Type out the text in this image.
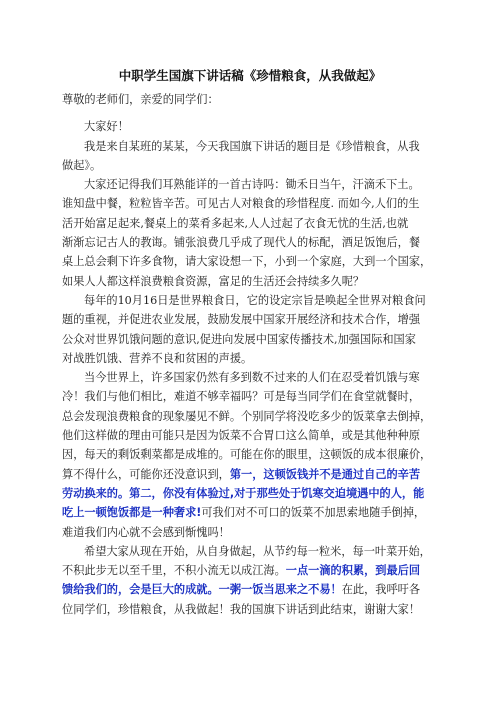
中职学生国旗下讲话稿《珍惜粮食，从我做起》
尊敬的老师们，亲爱的同学们：
大家好！
我是来自某班的某某，今天我国旗下讲话的题目是《珍惜粮食，从我
做起》。
大家还记得我们耳熟能详的一首古诗吗：锄禾日当午，汗滴禾下土。
谁知盘中餐，粒粒皆辛苦。可见古人对粮食的珍惜程度. 而如今,人们的生
活开始富足起来,餐桌上的菜肴多起来,人人过起了衣食无忧的生活,也就
渐渐忘记古人的教诲。铺张浪费几乎成了现代人的标配，酒足饭饱后，餐
桌上总会剩下许多食物，请大家设想一下，小到一个家庭，大到一个国家，
如果人人都这样浪费粮食资源，富足的生活还会持续多久呢？
每年的10月16日是世界粮食日，它的设定宗旨是唤起全世界对粮食问
题的重视，并促进农业发展，鼓励发展中国家开展经济和技术合作，增强
公众对世界饥饿问题的意识,促进向发展中国家传播技术,加强国际和国家
对战胜饥饿、营养不良和贫困的声援。
当今世界上，许多国家仍然有多到数不过来的人们在忍受着饥饿与寒
冷！我们与他们相比，难道不够幸福吗？可是每当同学们在食堂就餐时，
总会发现浪费粮食的现象屡见不鲜。个别同学将没吃多少的饭菜拿去倒掉，
他们这样做的理由可能只是因为饭菜不合胃口这么简单，或是其他种种原
因，每天的剩饭剩菜都是成堆的。可能在你的眼里，这顿饭的成本很廉价，
算不得什么，可能你还没意识到，第一，这顿饭钱并不是通过自己的辛苦
劳动换来的。第二，你没有体验过,对于那些处于饥寒交迫境遇中的人，能
吃上一顿饱饭都是一种奢求!可我们对不可口的饭菜不加思索地随手倒掉，
难道我们内心就不会感到惭愧吗！
希望大家从现在开始，从自身做起，从节约每一粒米，每一叶菜开始，
不积此步无以至千里，不积小流无以成江海。一点一滴的积累，到最后回
馈给我们的，会是巨大的成就。一粥一饭当思来之不易！在此，我呼吁各
位同学们，珍惜粮食，从我做起！我的国旗下讲话到此结束，谢谢大家！
